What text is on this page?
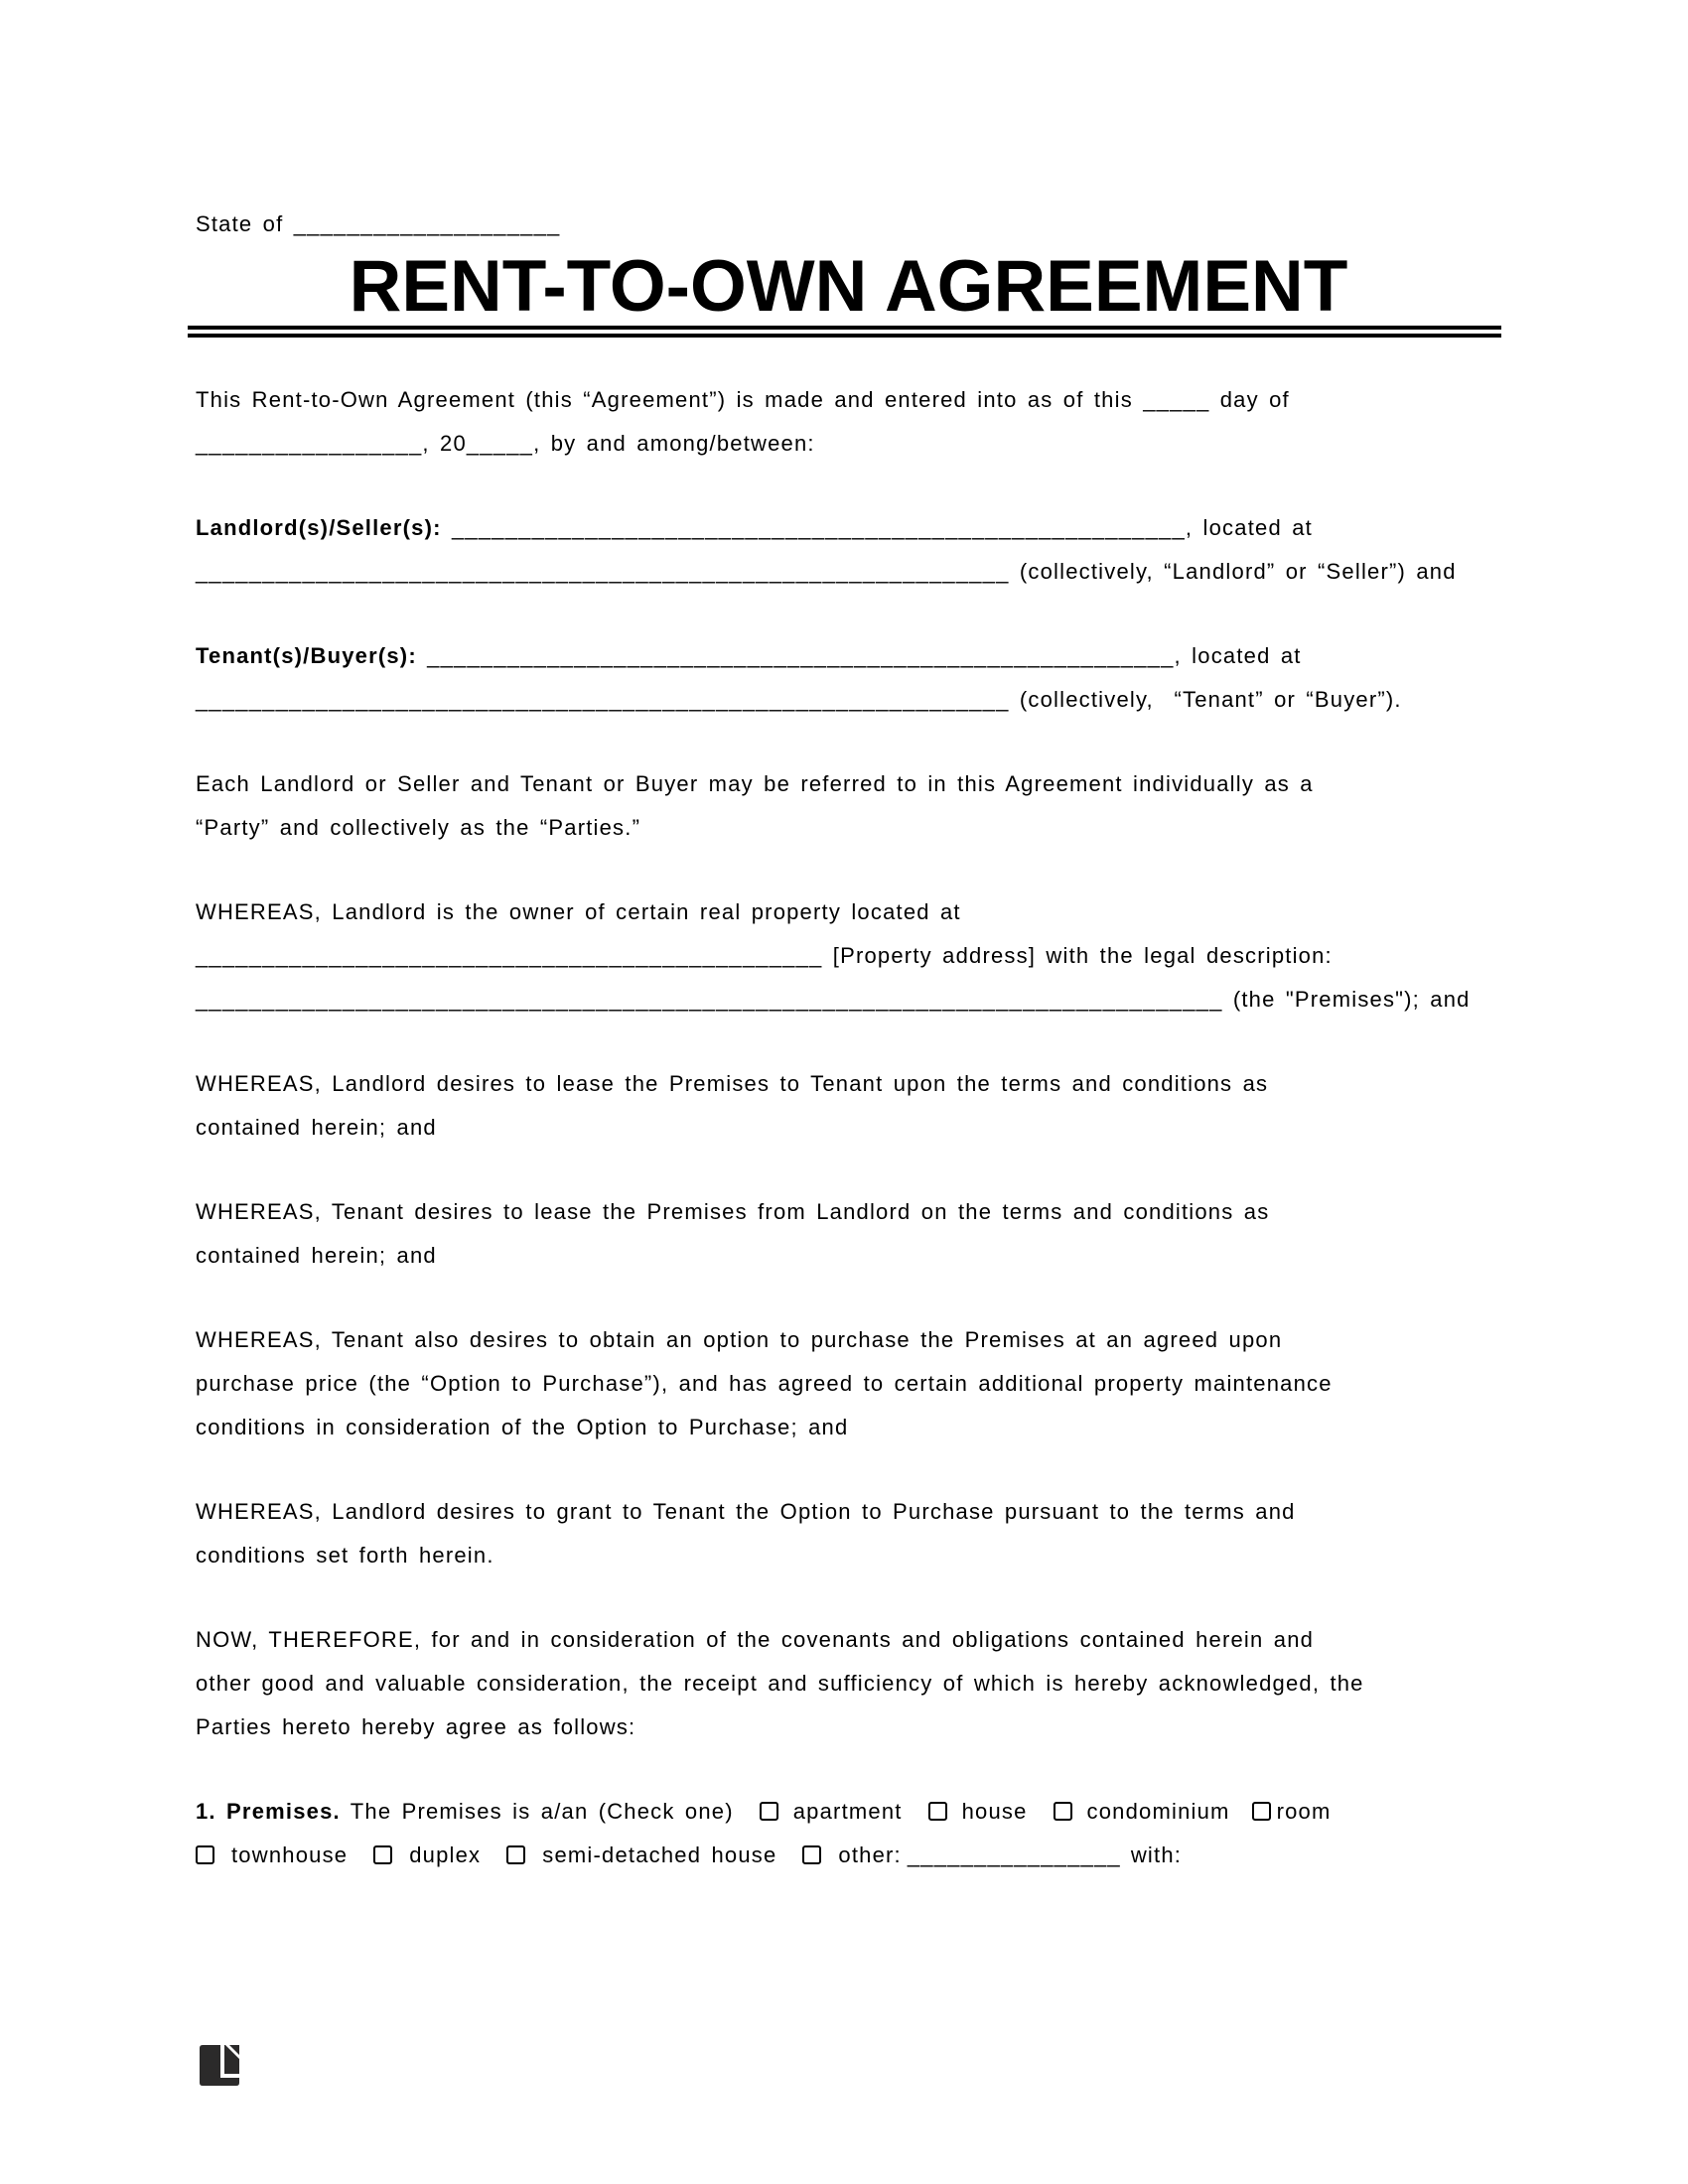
State of ____________________
RENT-TO-OWN AGREEMENT
This Rent-to-Own Agreement (this “Agreement”) is made and entered into as of this _____ day of
_________________, 20_____, by and among/between:
Landlord(s)/Seller(s): _______________________________________________________, located at
_____________________________________________________________ (collectively, “Landlord” or “Seller”) and
Tenant(s)/Buyer(s): ________________________________________________________, located at
_____________________________________________________________ (collectively,  “Tenant” or “Buyer”).
Each Landlord or Seller and Tenant or Buyer may be referred to in this Agreement individually as a
“Party” and collectively as the “Parties.”
WHEREAS, Landlord is the owner of certain real property located at
_______________________________________________ [Property address] with the legal description:
_____________________________________________________________________________ (the "Premises"); and
WHEREAS, Landlord desires to lease the Premises to Tenant upon the terms and conditions as
contained herein; and
WHEREAS, Tenant desires to lease the Premises from Landlord on the terms and conditions as
contained herein; and
WHEREAS, Tenant also desires to obtain an option to purchase the Premises at an agreed upon
purchase price (the “Option to Purchase”), and has agreed to certain additional property maintenance
conditions in consideration of the Option to Purchase; and
WHEREAS, Landlord desires to grant to Tenant the Option to Purchase pursuant to the terms and
conditions set forth herein.
NOW, THEREFORE, for and in consideration of the covenants and obligations contained herein and
other good and valuable consideration, the receipt and sufficiency of which is hereby acknowledged, the
Parties hereto hereby agree as follows:
1. Premises. The Premises is a/an (Check one)	apartment	house	condominium room
townhouse	duplex	semi-detached house	other: ________________ with:
